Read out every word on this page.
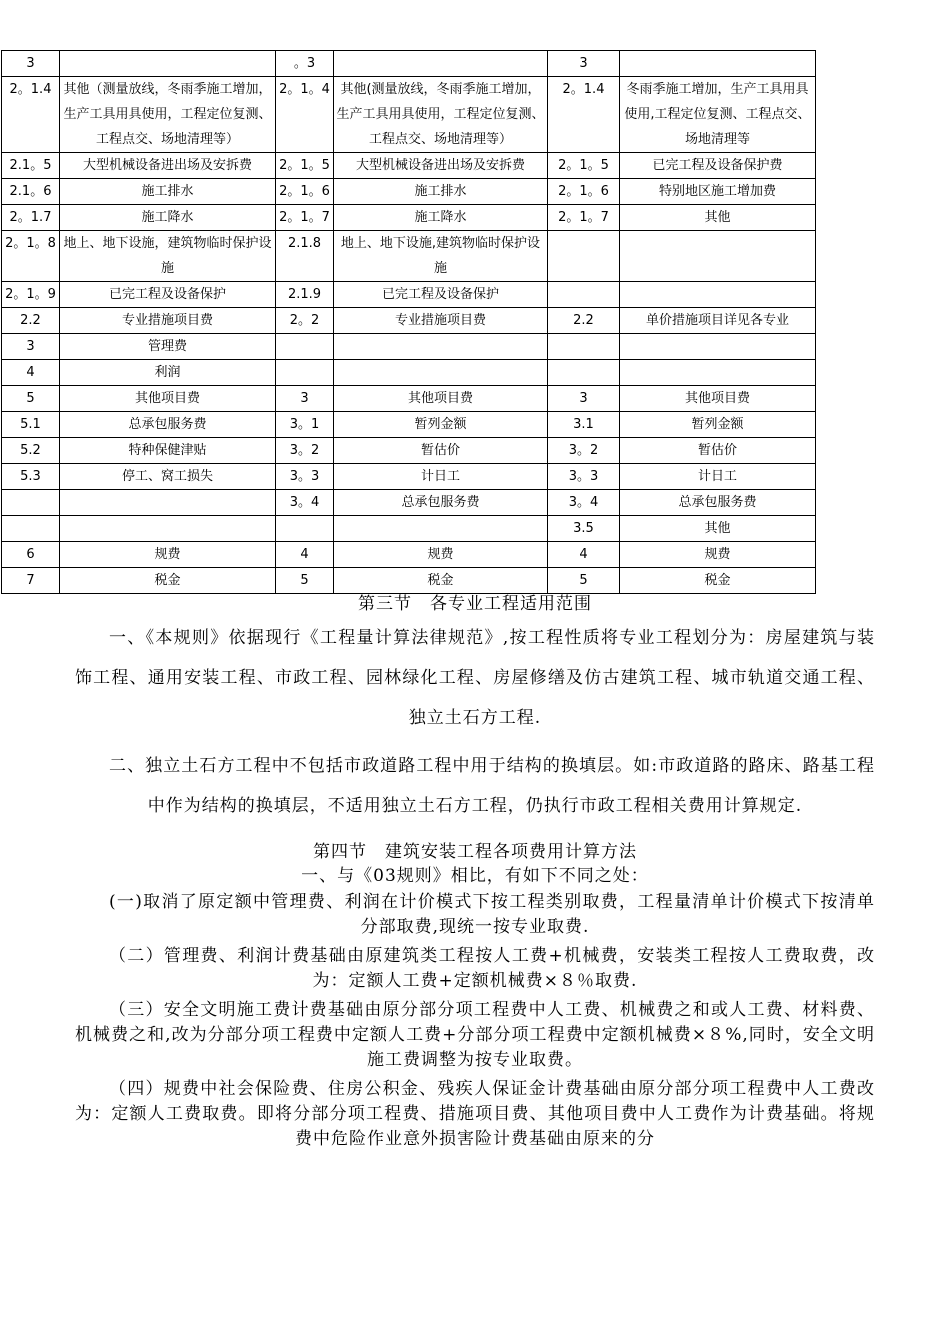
3		。3		3	
2。1.4	其他（测量放线，冬雨季施工增加，生产工具用具使用，工程定位复测、工程点交、场地清理等）	2。1。4	其他(测量放线，冬雨季施工增加，生产工具用具使用，工程定位复测、工程点交、场地清理等）	2。1.4	冬雨季施工增加，生产工具用具使用,工程定位复测、工程点交、场地清理等
2.1。5	大型机械设备进出场及安拆费	2。1。5	大型机械设备进出场及安拆费	2。1。5	已完工程及设备保护费
2.1。6	施工排水	2。1。6	施工排水	2。1。6	特别地区施工增加费
2。1.7	施工降水	2。1。7	施工降水	2。1。7	其他
2。1。8	地上、地下设施，建筑物临时保护设施	2.1.8	地上、地下设施,建筑物临时保护设施		
2。1。9	已完工程及设备保护	2.1.9	已完工程及设备保护		
2.2	专业措施项目费	2。2	专业措施项目费	2.2	单价措施项目详见各专业
3	管理费				
4	利润				
5	其他项目费	3	其他项目费	3	其他项目费
5.1	总承包服务费	3。1	暂列金额	3.1	暂列金额
5.2	特种保健津贴	3。2	暂估价	3。2	暂估价
5.3	停工、窝工损失	3。3	计日工	3。3	计日工
		3。4	总承包服务费	3。4	总承包服务费
				3.5	其他
6	规费	4	规费	4	规费
7	税金	5	税金	5	税金
第三节　各专业工程适用范围

一、《本规则》依据现行《工程量计算法律规范》,按工程性质将专业工程划分为：房屋建筑与装饰工程、通用安装工程、市政工程、园林绿化工程、房屋修缮及仿古建筑工程、城市轨道交通工程、独立土石方工程.

二、独立土石方工程中不包括市政道路工程中用于结构的换填层。如:市政道路的路床、路基工程中作为结构的换填层，不适用独立土石方工程，仍执行市政工程相关费用计算规定.

第四节　建筑安装工程各项费用计算方法
一、与《03规则》相比，有如下不同之处：

(一)取消了原定额中管理费、利润在计价模式下按工程类别取费，工程量清单计价模式下按清单分部取费,现统一按专业取费.

（二）管理费、利润计费基础由原建筑类工程按人工费+机械费，安装类工程按人工费取费，改为：定额人工费+定额机械费×８％取费.

（三）安全文明施工费计费基础由原分部分项工程费中人工费、机械费之和或人工费、材料费、机械费之和,改为分部分项工程费中定额人工费+分部分项工程费中定额机械费×８%,同时，安全文明施工费调整为按专业取费。

（四）规费中社会保险费、住房公积金、残疾人保证金计费基础由原分部分项工程费中人工费改为：定额人工费取费。即将分部分项工程费、措施项目费、其他项目费中人工费作为计费基础。将规费中危险作业意外损害险计费基础由原来的分
